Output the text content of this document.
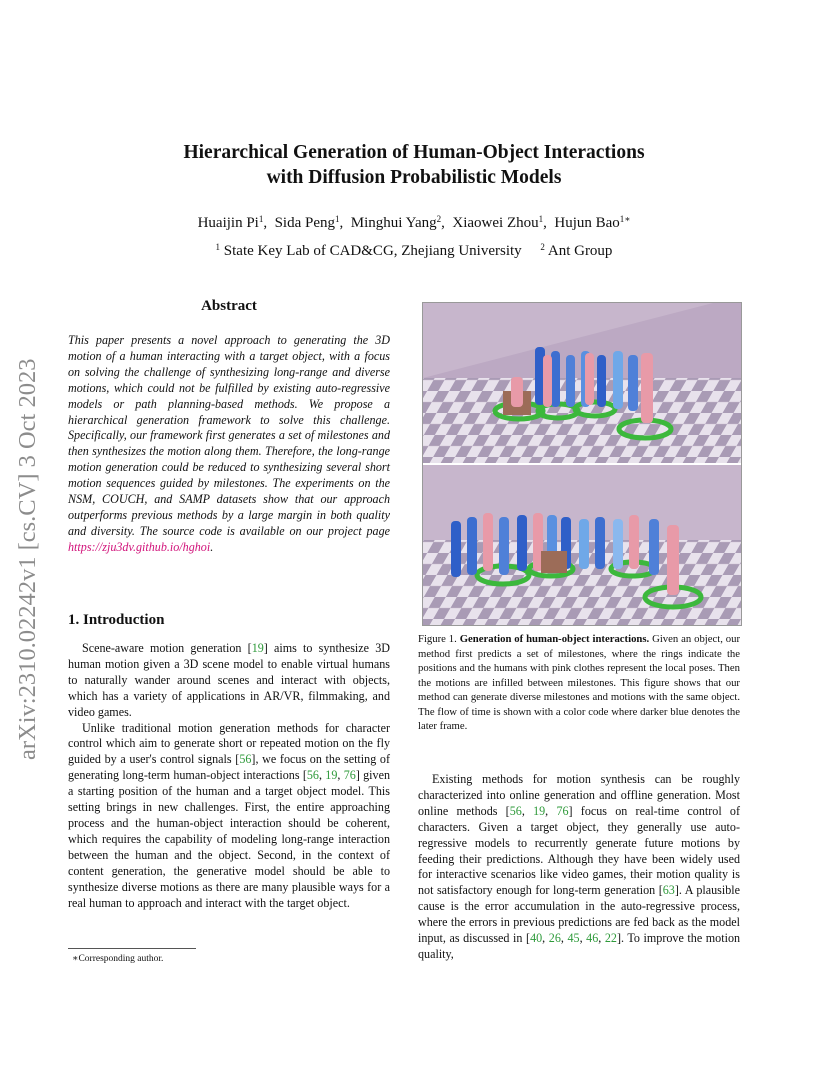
arXiv:2310.02242v1 [cs.CV] 3 Oct 2023
Hierarchical Generation of Human-Object Interactions
with Diffusion Probabilistic Models
Huaijin Pi$^1$,  Sida Peng$^1$,  Minghui Yang$^2$,  Xiaowei Zhou$^1$,  Hujun Bao$^{1∗}$
$^1$ State Key Lab of CAD&CG, Zhejiang University $^2$ Ant Group
Abstract
This paper presents a novel approach to generating the 3D motion of a human interacting with a target object, with a focus on solving the challenge of synthesizing long-range and diverse motions, which could not be fulfilled by existing auto-regressive models or path planning-based methods. We propose a hierarchical generation framework to solve this challenge. Specifically, our framework first generates a set of milestones and then synthesizes the motion along them. Therefore, the long-range motion generation could be reduced to synthesizing several short motion sequences guided by milestones. The experiments on the NSM, COUCH, and SAMP datasets show that our approach outperforms previous methods by a large margin in both quality and diversity. The source code is available on our project page https://zju3dv.github.io/hghoi.
1. Introduction

Scene-aware motion generation [19] aims to synthesize 3D human motion given a 3D scene model to enable virtual humans to naturally wander around scenes and interact with objects, which has a variety of applications in AR/VR, filmmaking, and video games.

Unlike traditional motion generation methods for character control which aim to generate short or repeated motion on the fly guided by a user's control signals [56], we focus on the setting of generating long-term human-object interactions [56, 19, 76] given a starting position of the human and a target object model. This setting brings in new challenges. First, the entire approaching process and the human-object interaction should be coherent, which requires the capability of modeling long-range interaction between the human and the object. Second, in the context of content generation, the generative model should be able to synthesize diverse motions as there are many plausible ways for a real human to approach and interact with the target object.

∗Corresponding author.
Figure 1. Generation of human-object interactions. Given an object, our method first predicts a set of milestones, where the rings indicate the positions and the humans with pink clothes represent the local poses. Then the motions are infilled between milestones. This figure shows that our method can generate diverse milestones and motions with the same object. The flow of time is shown with a color code where darker blue denotes the later frame.

Existing methods for motion synthesis can be roughly characterized into online generation and offline generation. Most online methods [56, 19, 76] focus on real-time control of characters. Given a target object, they generally use auto-regressive models to recurrently generate future motions by feeding their predictions. Although they have been widely used for interactive scenarios like video games, their motion quality is not satisfactory enough for long-term generation [63]. A plausible cause is the error accumulation in the auto-regressive process, where the errors in previous predictions are fed back as the model input, as discussed in [40, 26, 45, 46, 22]. To improve the motion quality,
